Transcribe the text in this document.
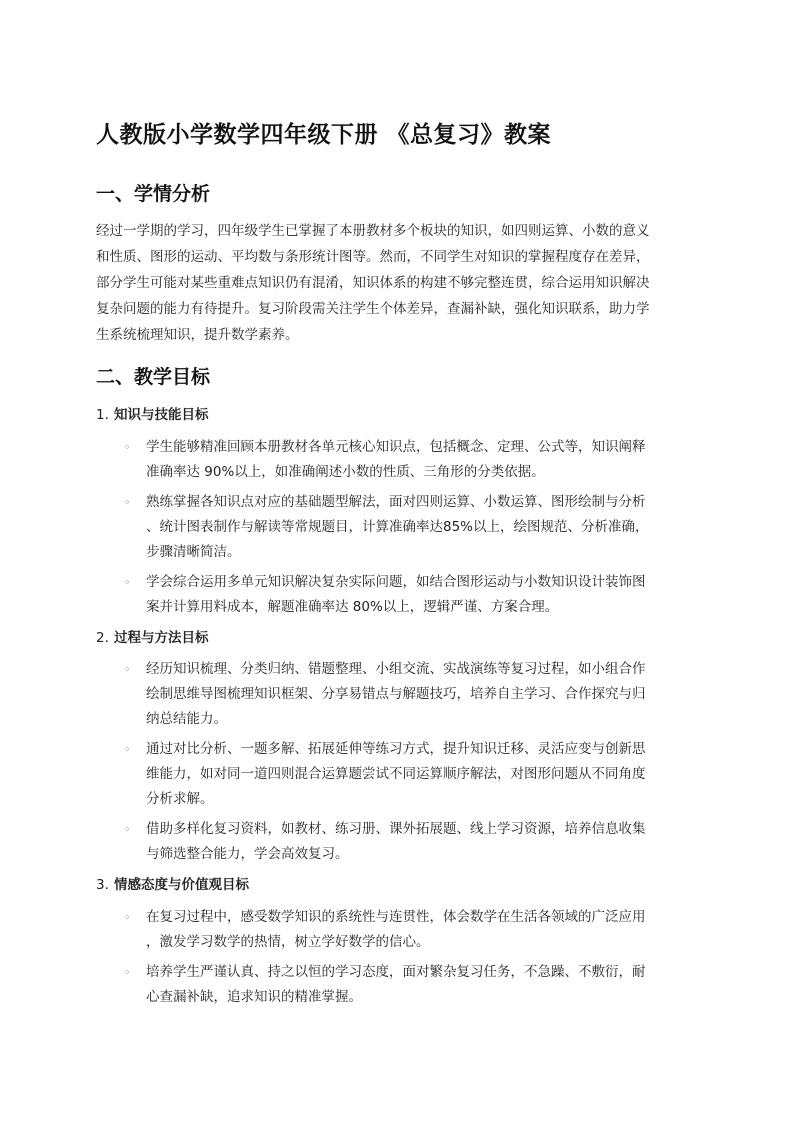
人教版小学数学四年级下册 《总复习》教案
一、学情分析
经过一学期的学习，四年级学生已掌握了本册教材多个板块的知识，如四则运算、小数的意义
和性质、图形的运动、平均数与条形统计图等。然而，不同学生对知识的掌握程度存在差异，
部分学生可能对某些重难点知识仍有混淆，知识体系的构建不够完整连贯，综合运用知识解决
复杂问题的能力有待提升。复习阶段需关注学生个体差异，查漏补缺，强化知识联系，助力学
生系统梳理知识，提升数学素养。
二、教学目标
1. 知识与技能目标
◦ 学生能够精准回顾本册教材各单元核心知识点，包括概念、定理、公式等，知识阐释
准确率达 90%以上，如准确阐述小数的性质、三角形的分类依据。
◦ 熟练掌握各知识点对应的基础题型解法，面对四则运算、小数运算、图形绘制与分析
、统计图表制作与解读等常规题目，计算准确率达85%以上，绘图规范、分析准确，
步骤清晰简洁。
◦ 学会综合运用多单元知识解决复杂实际问题，如结合图形运动与小数知识设计装饰图
案并计算用料成本，解题准确率达 80%以上，逻辑严谨、方案合理。
2. 过程与方法目标
◦ 经历知识梳理、分类归纳、错题整理、小组交流、实战演练等复习过程，如小组合作
绘制思维导图梳理知识框架、分享易错点与解题技巧，培养自主学习、合作探究与归
纳总结能力。
◦ 通过对比分析、一题多解、拓展延伸等练习方式，提升知识迁移、灵活应变与创新思
维能力，如对同一道四则混合运算题尝试不同运算顺序解法，对图形问题从不同角度
分析求解。
◦ 借助多样化复习资料，如教材、练习册、课外拓展题、线上学习资源，培养信息收集
与筛选整合能力，学会高效复习。
3. 情感态度与价值观目标
◦ 在复习过程中，感受数学知识的系统性与连贯性，体会数学在生活各领域的广泛应用
，激发学习数学的热情，树立学好数学的信心。
◦ 培养学生严谨认真、持之以恒的学习态度，面对繁杂复习任务，不急躁、不敷衍，耐
心查漏补缺，追求知识的精准掌握。
